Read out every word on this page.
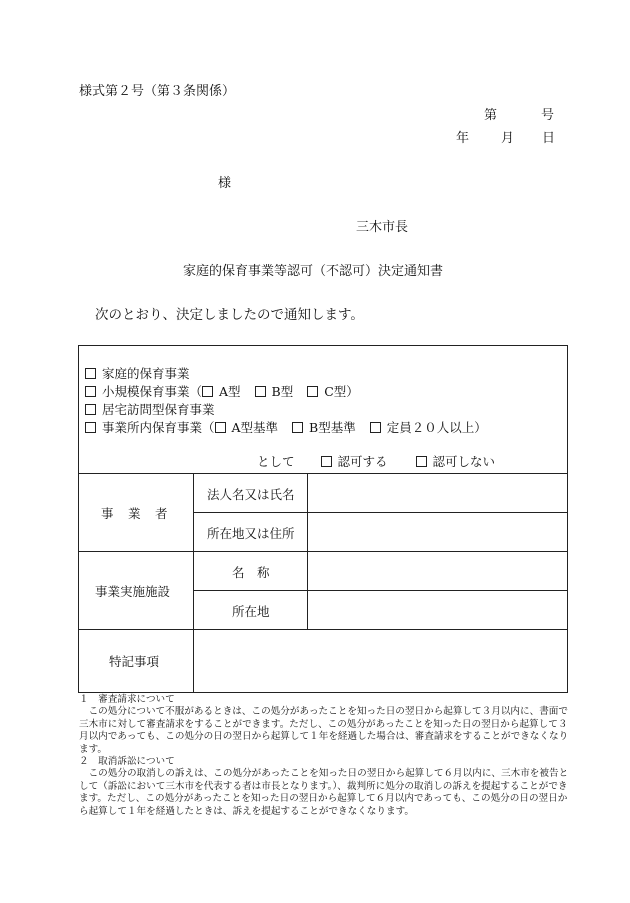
様式第２号（第３条関係）
第	号
年 月 日
様
三木市長
家庭的保育事業等認可（不認可）決定通知書
次のとおり、決定しましたので通知します。
家庭的保育事業
小規模保育事業（ A型 B型 C型）
居宅訪問型保育事業
事業所内保育事業（ A型基準 B型基準 定員２０人以上）
として	認可する	認可しない
事　業　者
法人名又は氏名
所在地又は住所
事業実施施設
名　称
所在地
特記事項

１　審査請求について

この処分について不服があるときは、この処分があったことを知った日の翌日から起算して３月以内に、書面で三木市に対して審査請求をすることができます。ただし、この処分があったことを知った日の翌日から起算して３月以内であっても、この処分の日の翌日から起算して１年を経過した場合は、審査請求をすることができなくなります。

２　取消訴訟について

この処分の取消しの訴えは、この処分があったことを知った日の翌日から起算して６月以内に、三木市を被告として（訴訟において三木市を代表する者は市長となります。）、裁判所に処分の取消しの訴えを提起することができます。ただし、この処分があったことを知った日の翌日から起算して６月以内であっても、この処分の日の翌日から起算して１年を経過したときは、訴えを提起することができなくなります。
